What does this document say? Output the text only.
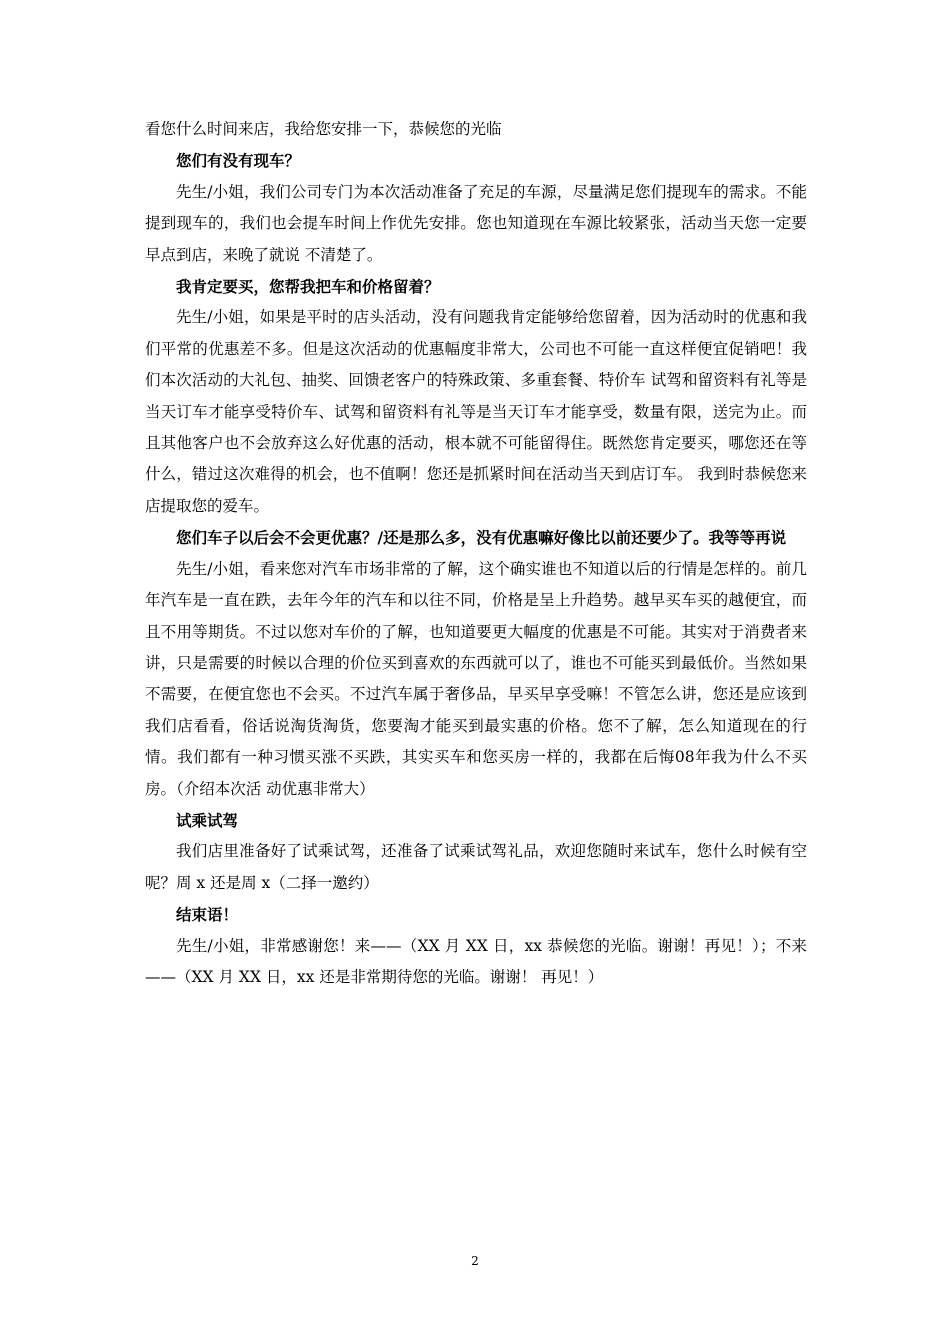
看您什么时间来店，我给您安排一下，恭候您的光临

您们有没有现车？

先生/小姐，我们公司专门为本次活动准备了充足的车源，尽量满足您们提现车的需求。不能提到现车的，我们也会提车时间上作优先安排。您也知道现在车源比较紧张，活动当天您一定要早点到店，来晚了就说 不清楚了。

我肯定要买，您帮我把车和价格留着？

先生/小姐，如果是平时的店头活动，没有问题我肯定能够给您留着，因为活动时的优惠和我们平常的优惠差不多。但是这次活动的优惠幅度非常大，公司也不可能一直这样便宜促销吧！我们本次活动的大礼包、抽奖、回馈老客户的特殊政策、多重套餐、特价车 试驾和留资料有礼等是当天订车才能享受特价车、试驾和留资料有礼等是当天订车才能享受，数量有限，送完为止。而且其他客户也不会放弃这么好优惠的活动，根本就不可能留得住。既然您肯定要买，哪您还在等什么，错过这次难得的机会，也不值啊！您还是抓紧时间在活动当天到店订车。 我到时恭候您来店提取您的爱车。

您们车子以后会不会更优惠？/还是那么多，没有优惠嘛好像比以前还要少了。我等等再说

先生/小姐，看来您对汽车市场非常的了解，这个确实谁也不知道以后的行情是怎样的。前几年汽车是一直在跌，去年今年的汽车和以往不同，价格是呈上升趋势。越早买车买的越便宜，而且不用等期货。不过以您对车价的了解，也知道要更大幅度的优惠是不可能。其实对于消费者来讲，只是需要的时候以合理的价位买到喜欢的东西就可以了，谁也不可能买到最低价。当然如果不需要，在便宜您也不会买。不过汽车属于奢侈品，早买早享受嘛！不管怎么讲，您还是应该到我们店看看，俗话说淘货淘货，您要淘才能买到最实惠的价格。您不了解，怎么知道现在的行情。我们都有一种习惯买涨不买跌，其实买车和您买房一样的，我都在后悔08年我为什么不买房。（介绍本次活 动优惠非常大）

试乘试驾

我们店里准备好了试乘试驾，还准备了试乘试驾礼品，欢迎您随时来试车，您什么时候有空呢？周 x 还是周 x（二择一邀约）

结束语！

先生/小姐，非常感谢您！来——（XX 月 XX 日，xx 恭候您的光临。谢谢！再见！）；不来——（XX 月 XX 日，xx 还是非常期待您的光临。谢谢！ 再见！）

2
